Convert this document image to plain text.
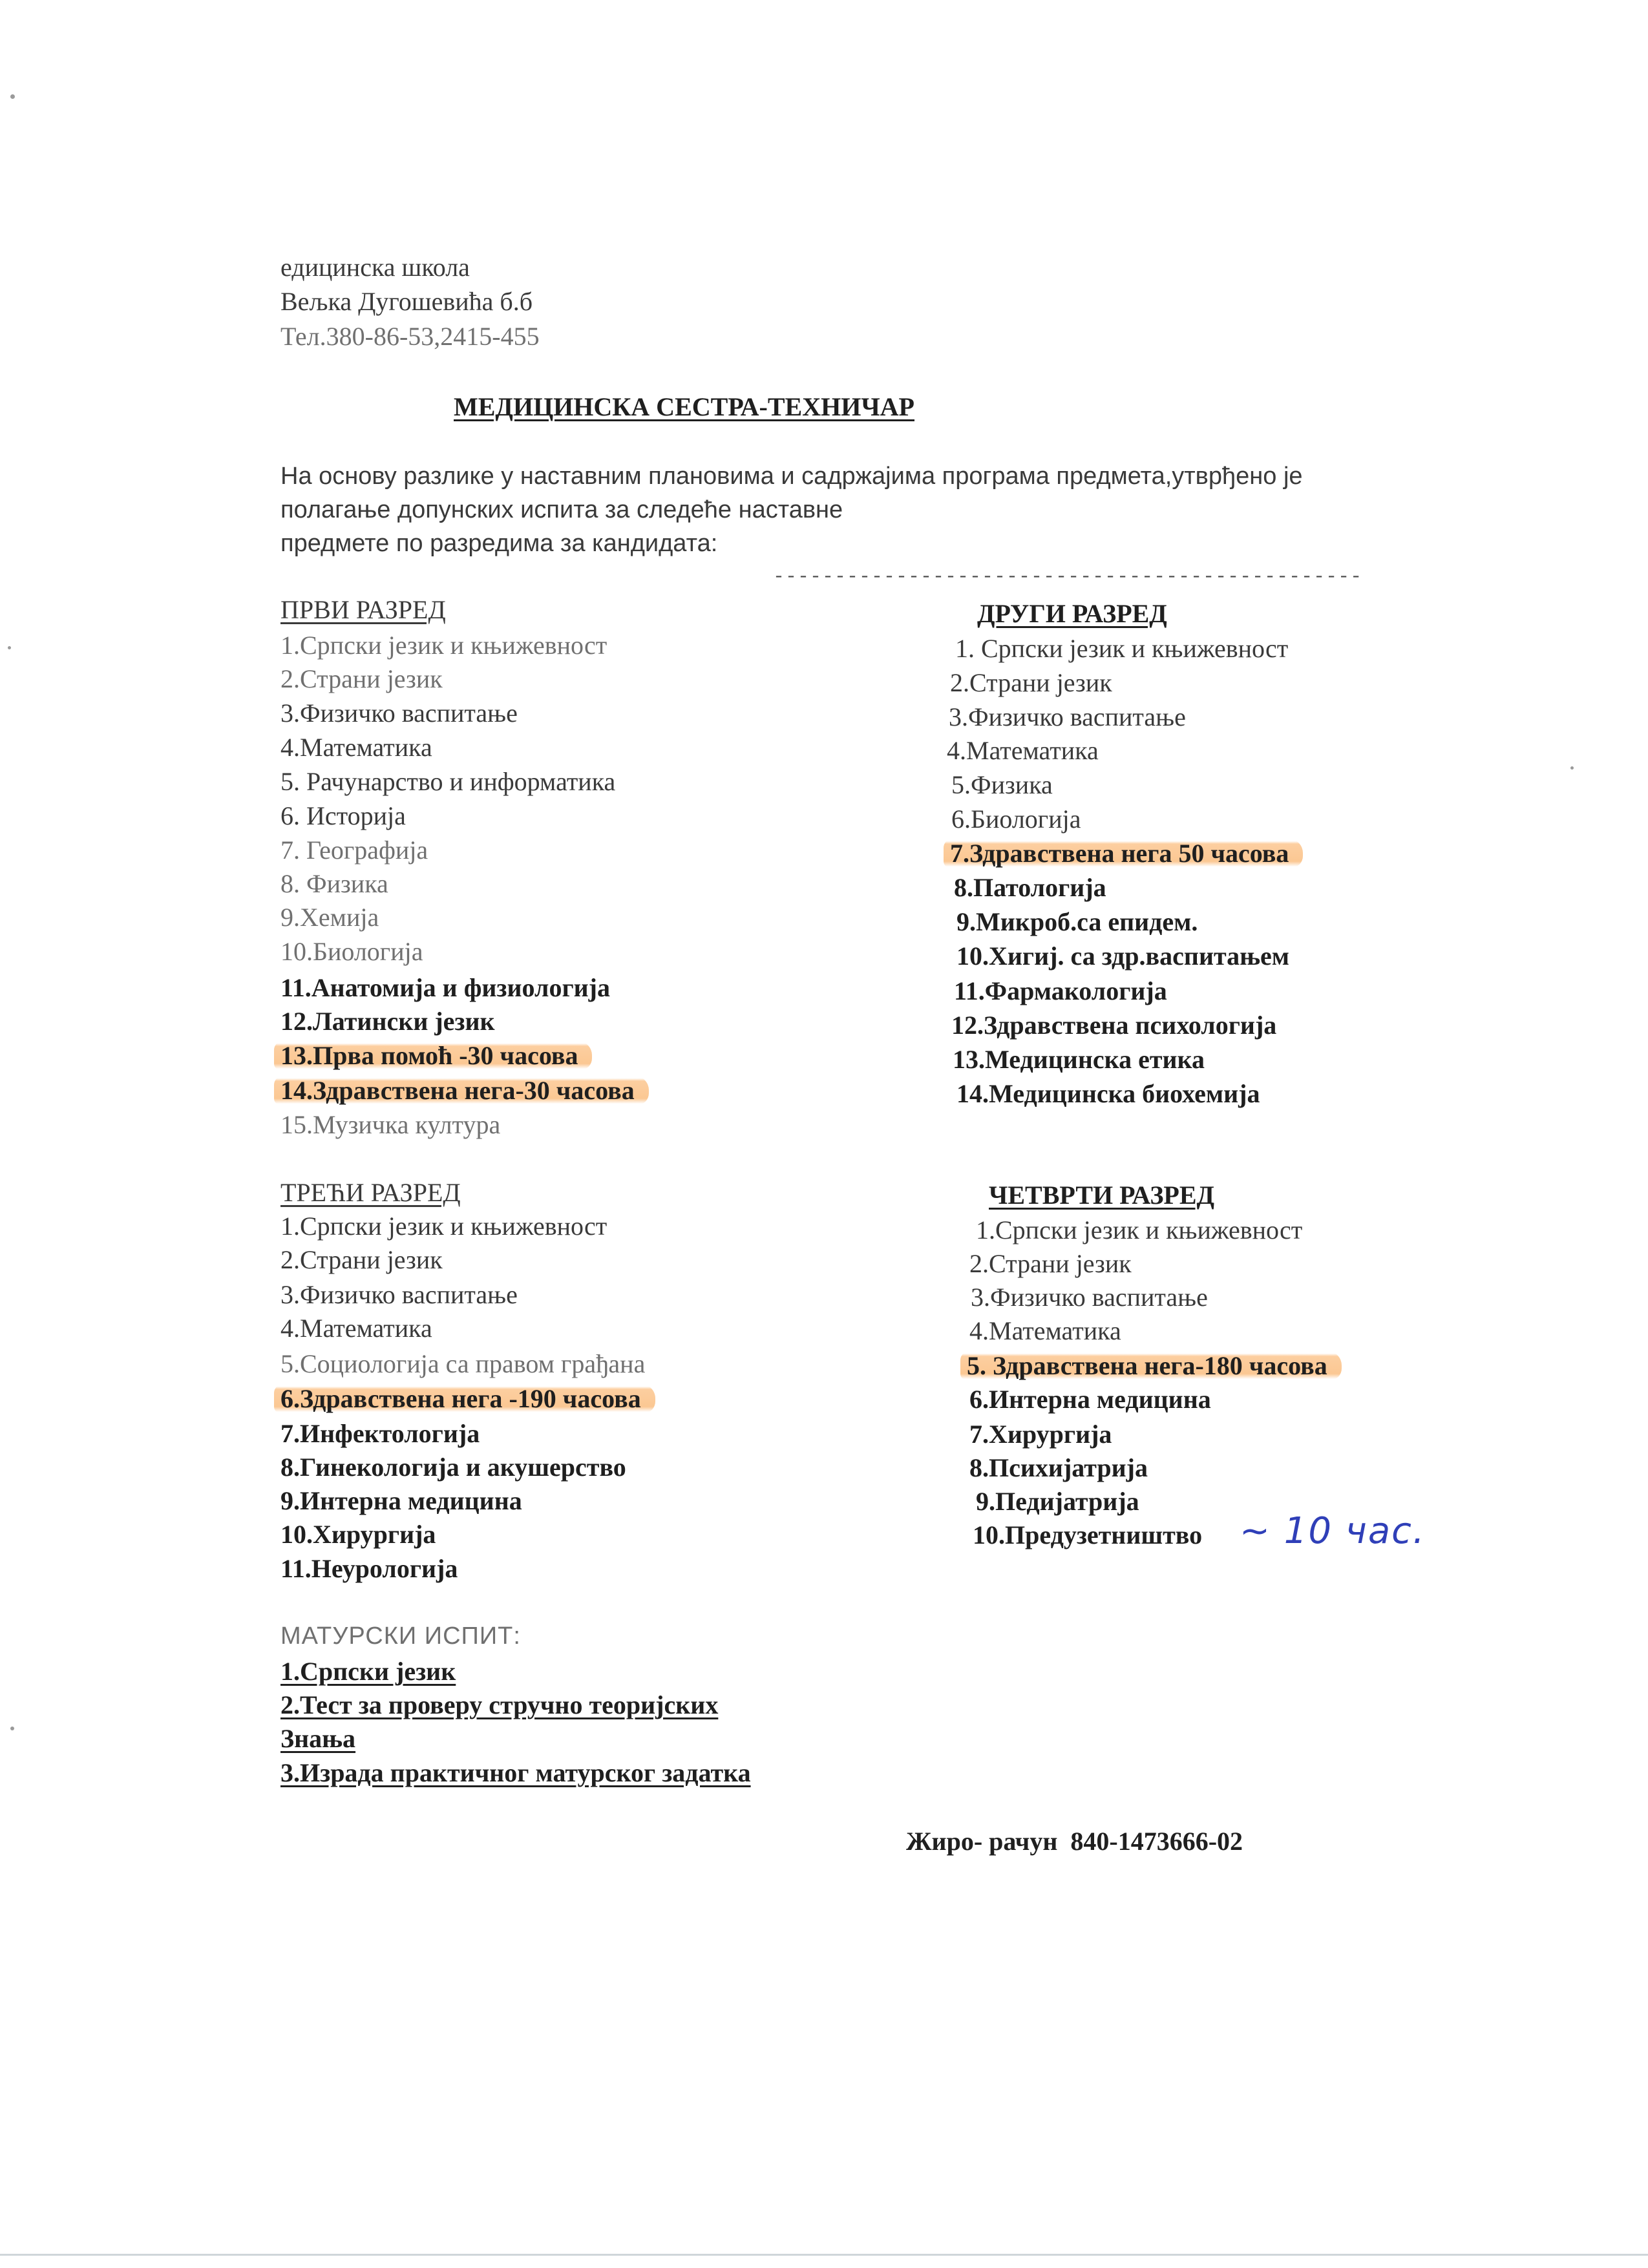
едицинска школа
Вељка Дугошевића б.б
Тел.380-86-53,2415-455
МЕДИЦИНСКА СЕСТРА-ТЕХНИЧАР
На основу разлике у наставним плановима и садржајима програма предмета,утврђено је
полагање допунских испита за следеће наставне
предмете по разредима за кандидата:
------------------------------------------------
ПРВИ РАЗРЕД
1.Српски језик и књижевност
2.Страни језик
3.Физичко васпитање
4.Математика
5. Рачунарство и информатика
6. Историја
7. Географија
8. Физика
9.Хемија
10.Биологија
11.Анатомија и физиологија
12.Латински језик
13.Прва помоћ -30 часова
14.Здравствена нега-30 часова
15.Музичка култура
ДРУГИ РАЗРЕД
1. Српски језик и књижевност
2.Страни језик
3.Физичко васпитање
4.Математика
5.Физика
6.Биологија
7.Здравствена нега 50 часова
8.Патологија
9.Микроб.са епидем.
10.Хигиј. са здр.васпитањем
11.Фармакологија
12.Здравствена психологија
13.Медицинска етика
14.Медицинска биохемија
ТРЕЋИ РАЗРЕД
1.Српски језик и књижевност
2.Страни језик
3.Физичко васпитање
4.Математика
5.Социологија са правом грађана
6.Здравствена нега -190 часова
7.Инфектологија
8.Гинекологија и акушерство
9.Интерна медицина
10.Хирургија
11.Неурологија
ЧЕТВРТИ РАЗРЕД
1.Српски језик и књижевност
2.Страни језик
3.Физичко васпитање
4.Математика
5. Здравствена нега-180 часова
6.Интерна медицина
7.Хирургија
8.Психијатрија
9.Педијатрија
10.Предузетништво ~ 10 час.
МАТУРСКИ ИСПИТ:
1.Српски језик
2.Тест за проверу стручно теоријских
Знања
3.Израда практичног матурског задатка
Жиро- рачун  840-1473666-02
